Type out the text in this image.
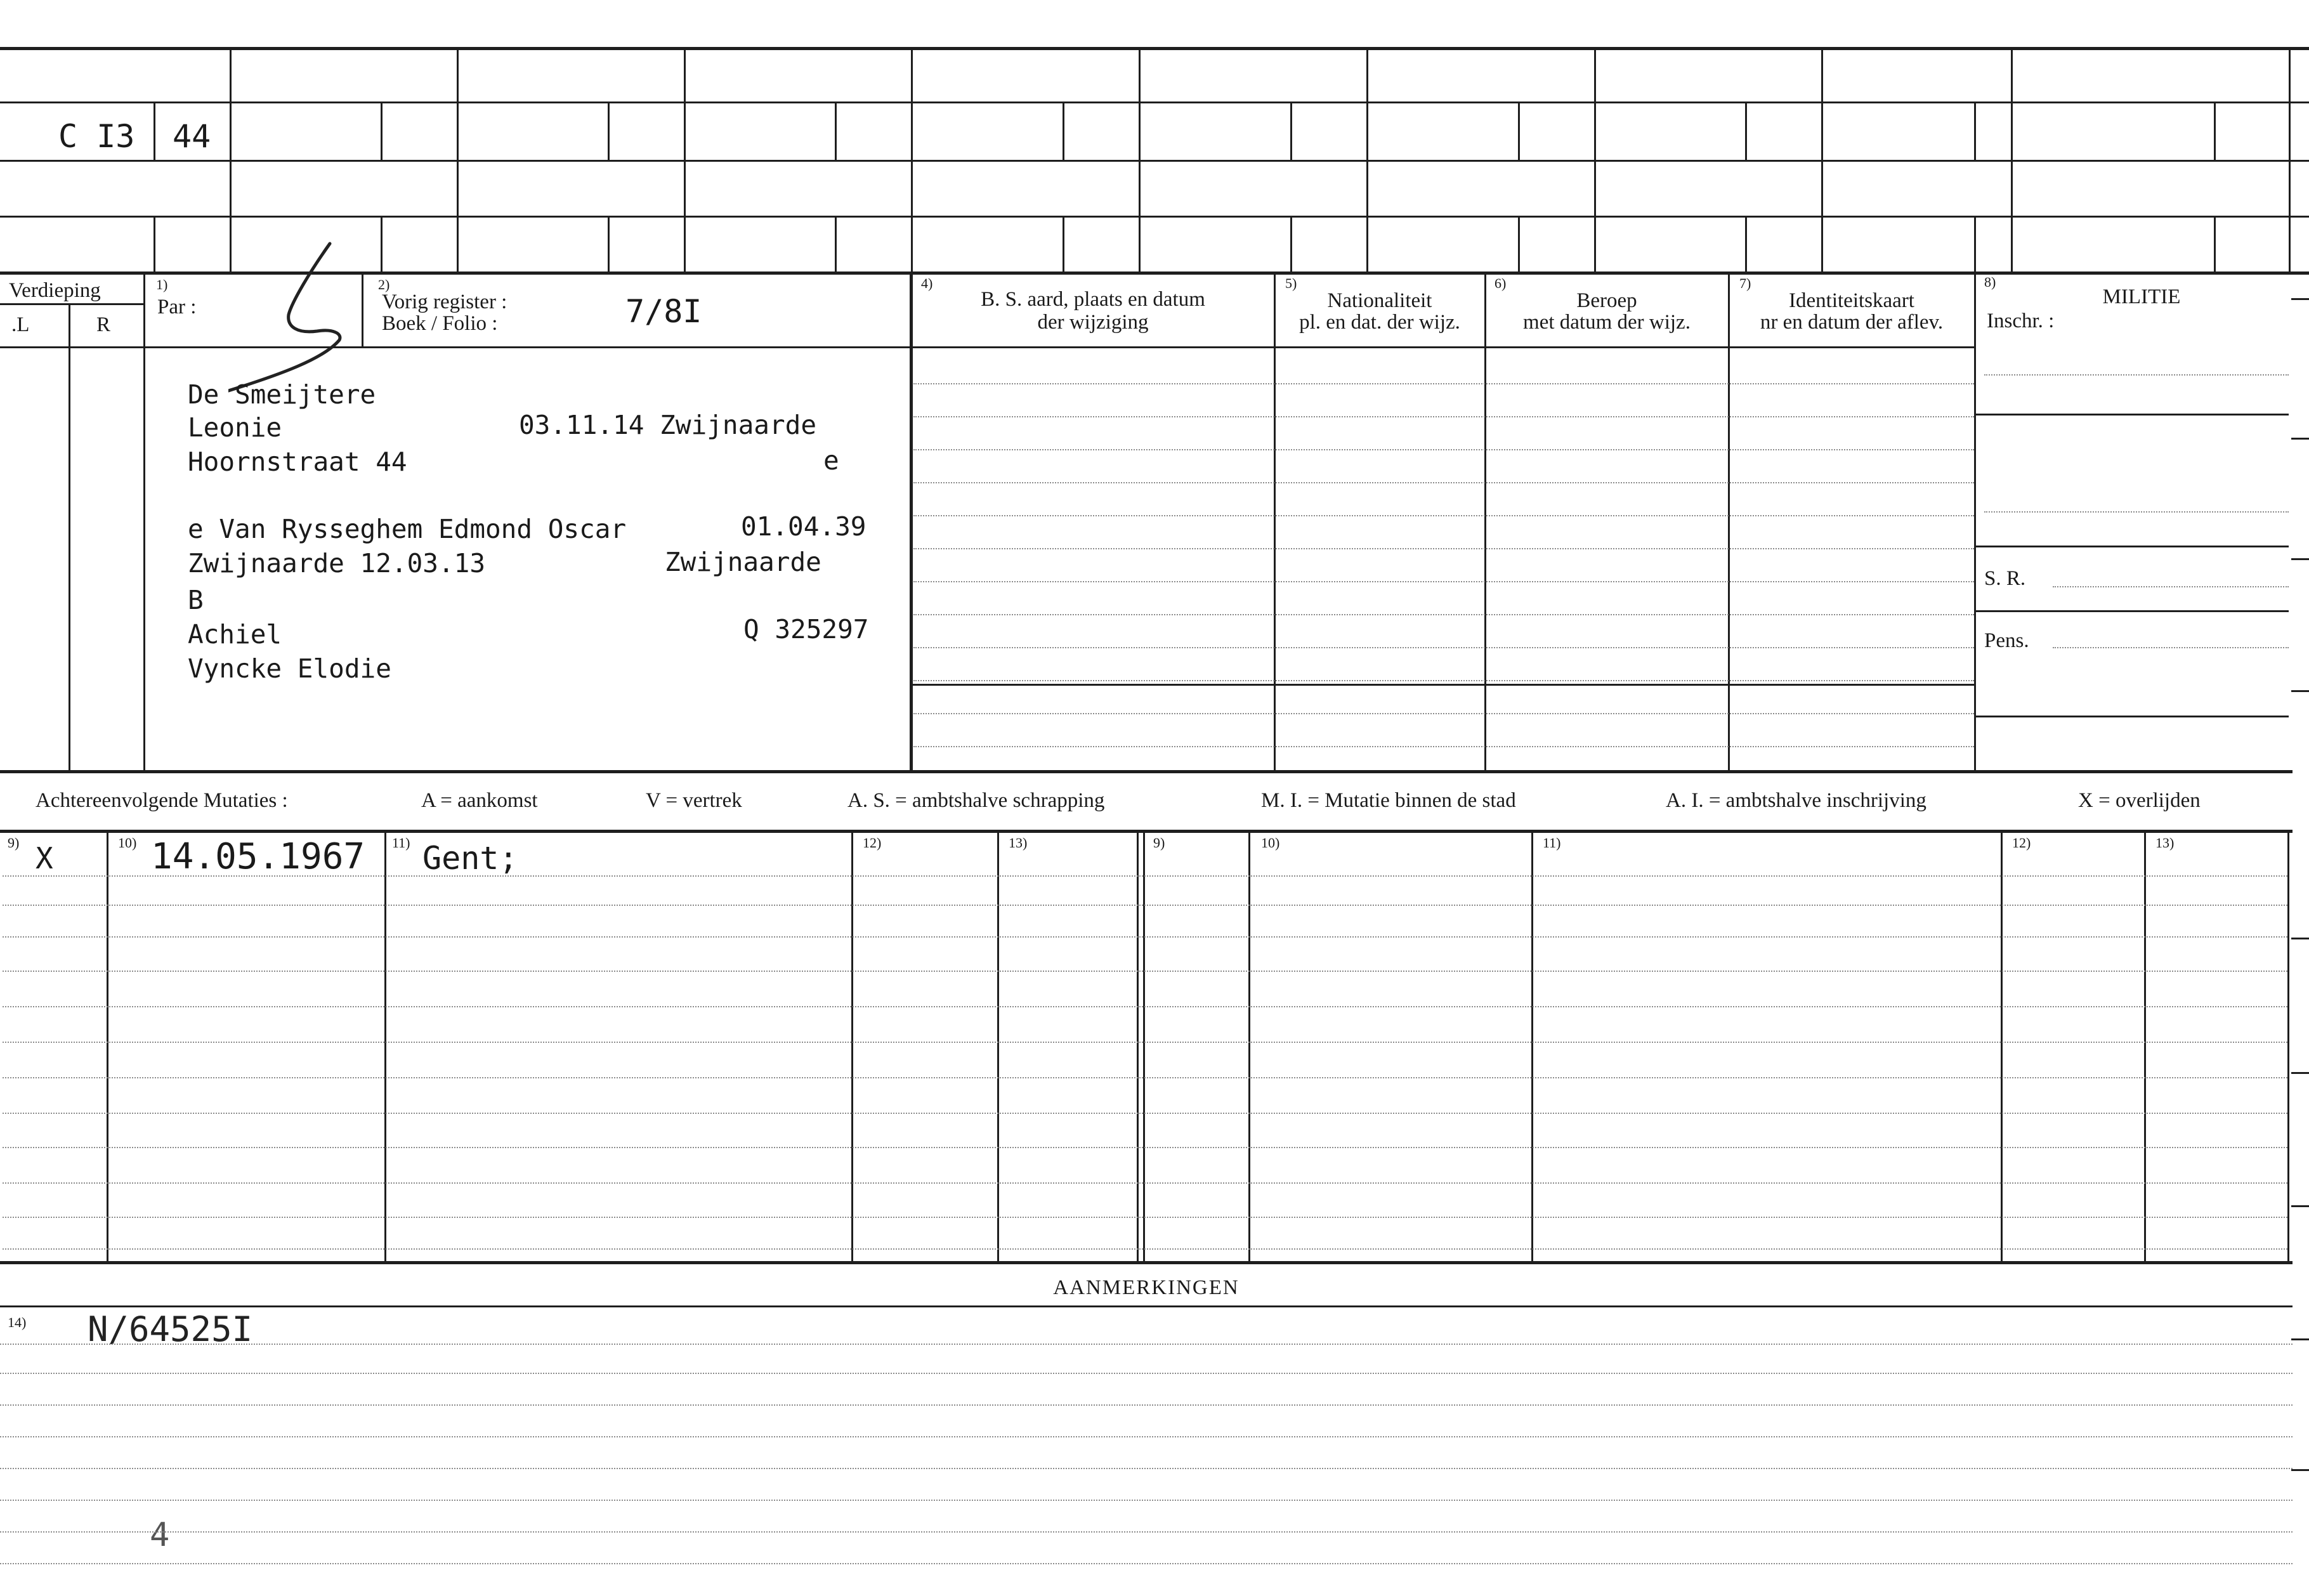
C I3 44
Verdieping
.L	R
1)
Par :
2)
Vorig register :
Boek / Folio :	7/8I
4)
B. S. aard, plaats en datum
der wijziging
5)
Nationaliteit
pl. en dat. der wijz.
6)
Beroep
met datum der wijz.
7)
Identiteitskaart
nr en datum der aflev.
8)
MILITIE
Inschr. :
S. R.
Pens.
De Smeijtere
Leonie	03.11.14 Zwijnaarde
Hoornstraat 44	e
e Van Rysseghem Edmond Oscar	01.04.39
Zwijnaarde 12.03.13	Zwijnaarde
B
Achiel	Q 325297
Vyncke Elodie
Achtereenvolgende Mutaties :	A = aankomst	V = vertrek	A. S. = ambtshalve schrapping	M. I. = Mutatie binnen de stad	A. I. = ambtshalve inschrijving	X = overlijden
9)	10)	11)	12)	13)	9)	10)	11)	12)	13)
X	14.05.1967 Gent;
AANMERKINGEN
14) N/64525I
4
